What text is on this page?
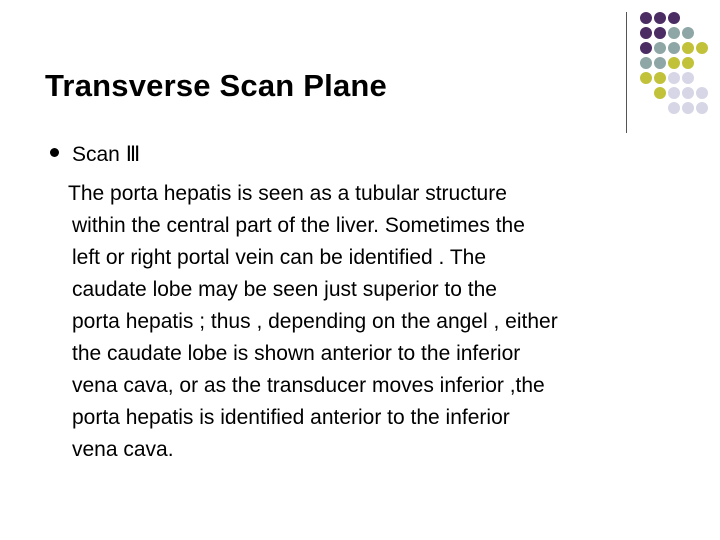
Transverse Scan Plane
Scan Ⅲ
The porta hepatis is seen as a tubular structure
within the central part of the liver. Sometimes the
left or right portal vein can be identified . The
caudate lobe may be seen just superior to the
porta hepatis ; thus , depending on the angel , either
the caudate lobe is shown anterior to the inferior
vena cava, or as the transducer moves inferior ,the
porta hepatis is identified anterior to the inferior
vena cava.
